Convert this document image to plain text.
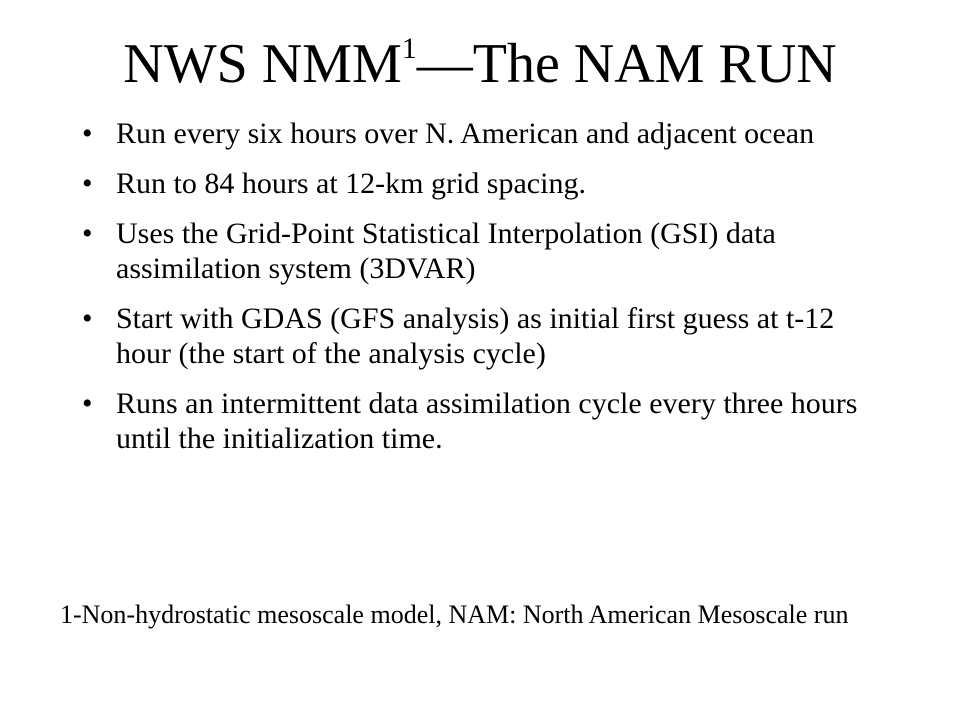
NWS NMM$^1$—The NAM RUN
• Run every six hours over N. American and adjacent ocean
• Run to 84 hours at 12-km grid spacing.
• Uses the Grid-Point Statistical Interpolation (GSI) data assimilation system (3DVAR)
• Start with GDAS (GFS analysis) as initial first guess at t-12 hour (the start of the analysis cycle)
• Runs an intermittent data assimilation cycle every three hours until the initialization time.
1-Non-hydrostatic mesoscale model, NAM: North American Mesoscale run
